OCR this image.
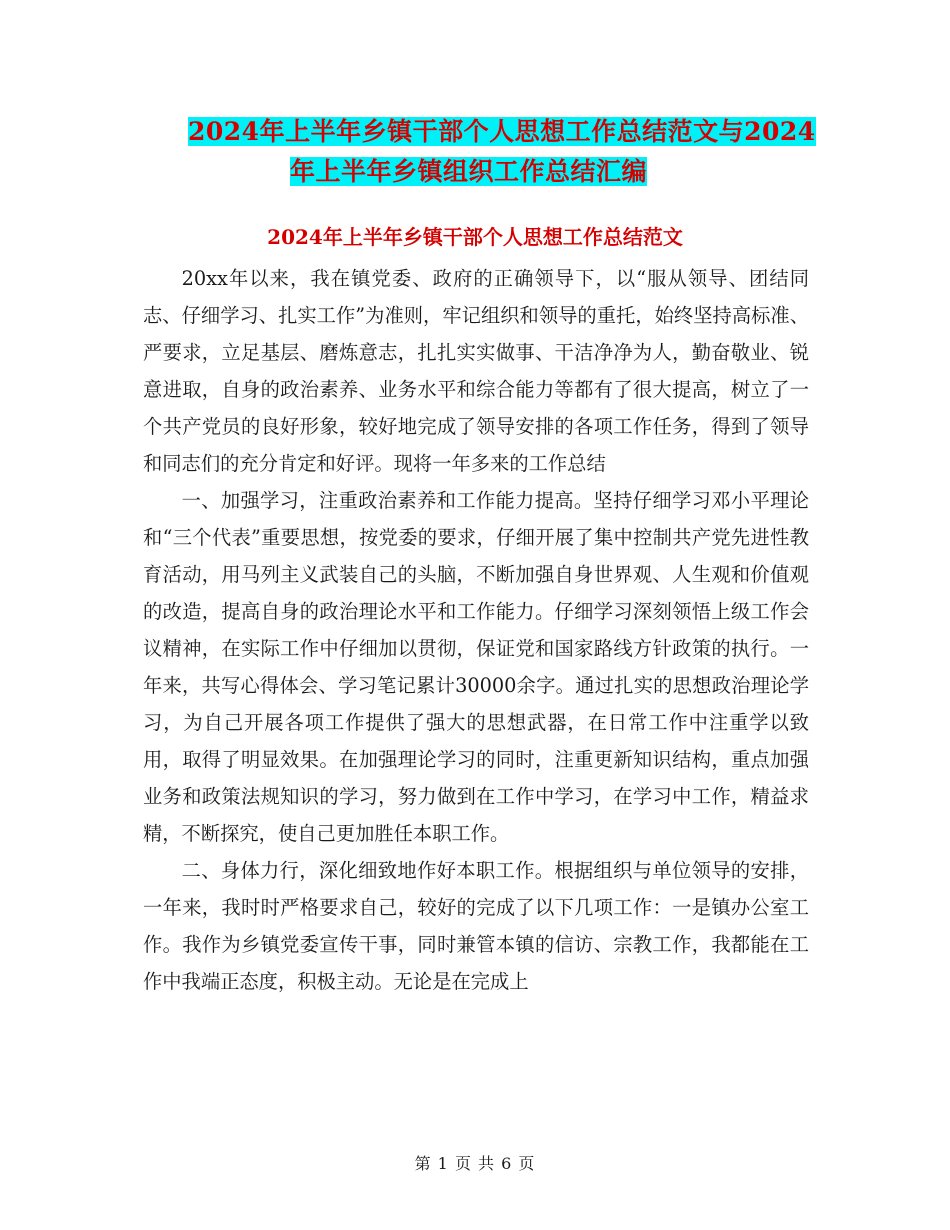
2024年上半年乡镇干部个人思想工作总结范文与2024
年上半年乡镇组织工作总结汇编
2024年上半年乡镇干部个人思想工作总结范文

20xx年以来，我在镇党委、政府的正确领导下，以“服从领导、团结同志、仔细学习、扎实工作”为准则，牢记组织和领导的重托，始终坚持高标准、严要求，立足基层、磨炼意志，扎扎实实做事、干洁净净为人，勤奋敬业、锐意进取，自身的政治素养、业务水平和综合能力等都有了很大提高，树立了一个共产党员的良好形象，较好地完成了领导安排的各项工作任务，得到了领导和同志们的充分肯定和好评。现将一年多来的工作总结

一、加强学习，注重政治素养和工作能力提高。坚持仔细学习邓小平理论和“三个代表”重要思想，按党委的要求，仔细开展了集中控制共产党先进性教育活动，用马列主义武装自己的头脑，不断加强自身世界观、人生观和价值观的改造，提高自身的政治理论水平和工作能力。仔细学习深刻领悟上级工作会议精神，在实际工作中仔细加以贯彻，保证党和国家路线方针政策的执行。一年来，共写心得体会、学习笔记累计30000余字。通过扎实的思想政治理论学习，为自己开展各项工作提供了强大的思想武器，在日常工作中注重学以致用，取得了明显效果。在加强理论学习的同时，注重更新知识结构，重点加强业务和政策法规知识的学习，努力做到在工作中学习，在学习中工作，精益求精，不断探究，使自己更加胜任本职工作。

二、身体力行，深化细致地作好本职工作。根据组织与单位领导的安排，一年来，我时时严格要求自己，较好的完成了以下几项工作：一是镇办公室工作。我作为乡镇党委宣传干事，同时兼管本镇的信访、宗教工作，我都能在工作中我端正态度，积极主动。无论是在完成上

第 1 页 共 6 页
